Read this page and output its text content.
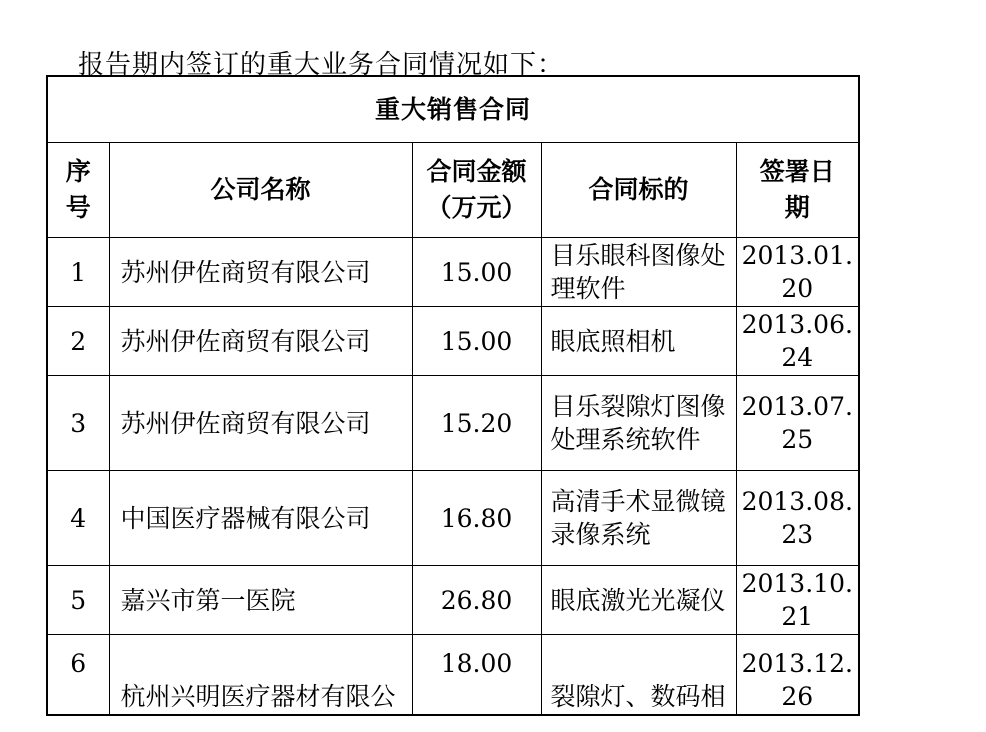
报告期内签订的重大业务合同情况如下：

重大销售合同				
序号	公司名称	合同金额（万元）	合同标的	签署日期
1	苏州伊佐商贸有限公司	15.00	目乐眼科图像处理软件	2013.01.20
2	苏州伊佐商贸有限公司	15.00	眼底照相机	2013.06.24
3	苏州伊佐商贸有限公司	15.20	目乐裂隙灯图像处理系统软件	2013.07.25
4	中国医疗器械有限公司	16.80	高清手术显微镜录像系统	2013.08.23
5	嘉兴市第一医院	26.80	眼底激光光凝仪	2013.10.21
6	杭州兴明医疗器材有限公	18.00	裂隙灯、数码相	2013.12.26
